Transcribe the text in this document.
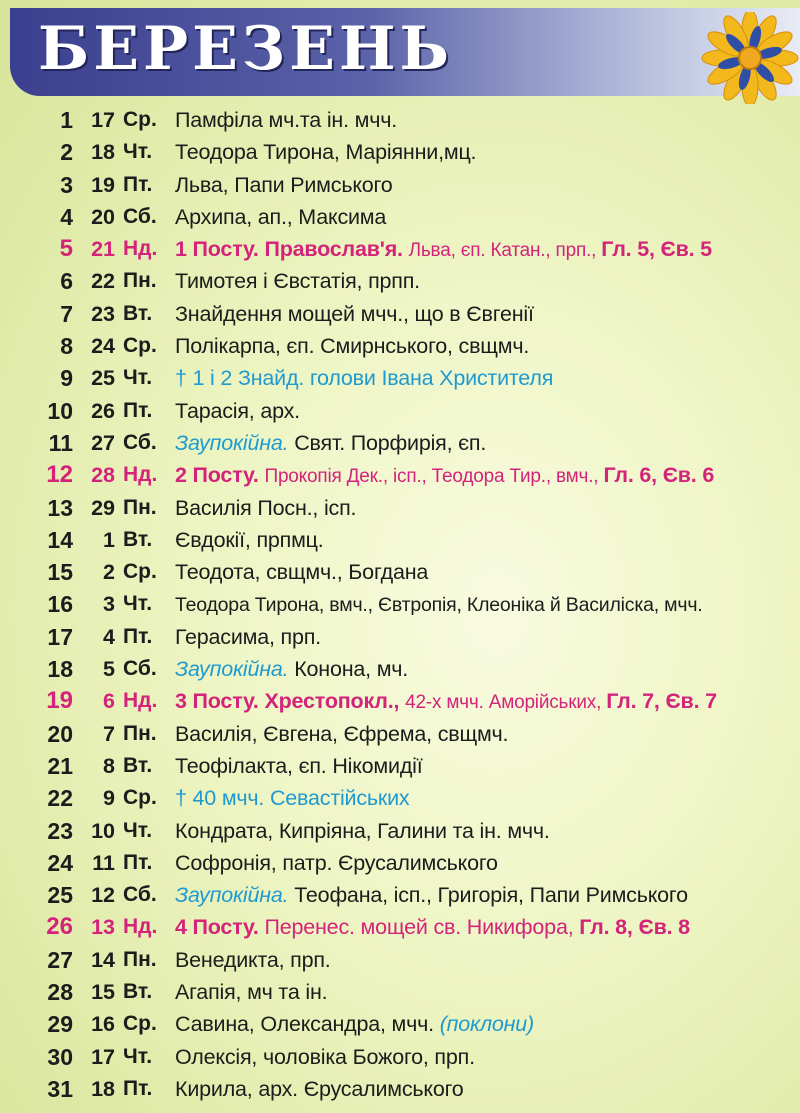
БЕРЕЗЕНЬ
1 17 Ср. Памфіла мч.та ін. мчч.
2 18 Чт. Теодора Тирона, Маріянни,мц.
3 19 Пт. Льва, Папи Римського
4 20 Сб. Архипа, ап., Максима
5 21 Нд. 1 Посту. Православ'я. Льва, єп. Катан., прп., Гл. 5, Єв. 5
6 22 Пн. Тимотея і Євстатія, прпп.
7 23 Вт. Знайдення мощей мчч., що в Євгенії
8 24 Ср. Полікарпа, єп. Смирнського, свщмч.
9 25 Чт. † 1 і 2 Знайд. голови Івана Христителя
10 26 Пт. Тарасія, арх.
11 27 Сб. Заупокійна. Свят. Порфирія, єп.
12 28 Нд. 2 Посту. Прокопія Дек., ісп., Теодора Тир., вмч., Гл. 6, Єв. 6
13 29 Пн. Василія Посн., ісп.
14 1 Вт. Євдокії, прпмц.
15 2 Ср. Теодота, свщмч., Богдана
16 3 Чт. Теодора Тирона, вмч., Євтропія, Клеоніка й Василіска, мчч.
17 4 Пт. Герасима, прп.
18 5 Сб. Заупокійна. Конона, мч.
19 6 Нд. 3 Посту. Хрестопокл., 42-х мчч. Аморійських, Гл. 7, Єв. 7
20 7 Пн. Василія, Євгена, Єфрема, свщмч.
21 8 Вт. Теофілакта, єп. Нікомидії
22 9 Ср. † 40 мчч. Севастійських
23 10 Чт. Кондрата, Кипріяна, Галини та ін. мчч.
24 11 Пт. Софронія, патр. Єрусалимського
25 12 Сб. Заупокійна. Теофана, ісп., Григорія, Папи Римського
26 13 Нд. 4 Посту. Перенес. мощей св. Никифора, Гл. 8, Єв. 8
27 14 Пн. Венедикта, прп.
28 15 Вт. Агапія, мч та ін.
29 16 Ср. Савина, Олександра, мчч. (поклони)
30 17 Чт. Олексія, чоловіка Божого, прп.
31 18 Пт. Кирила, арх. Єрусалимського
